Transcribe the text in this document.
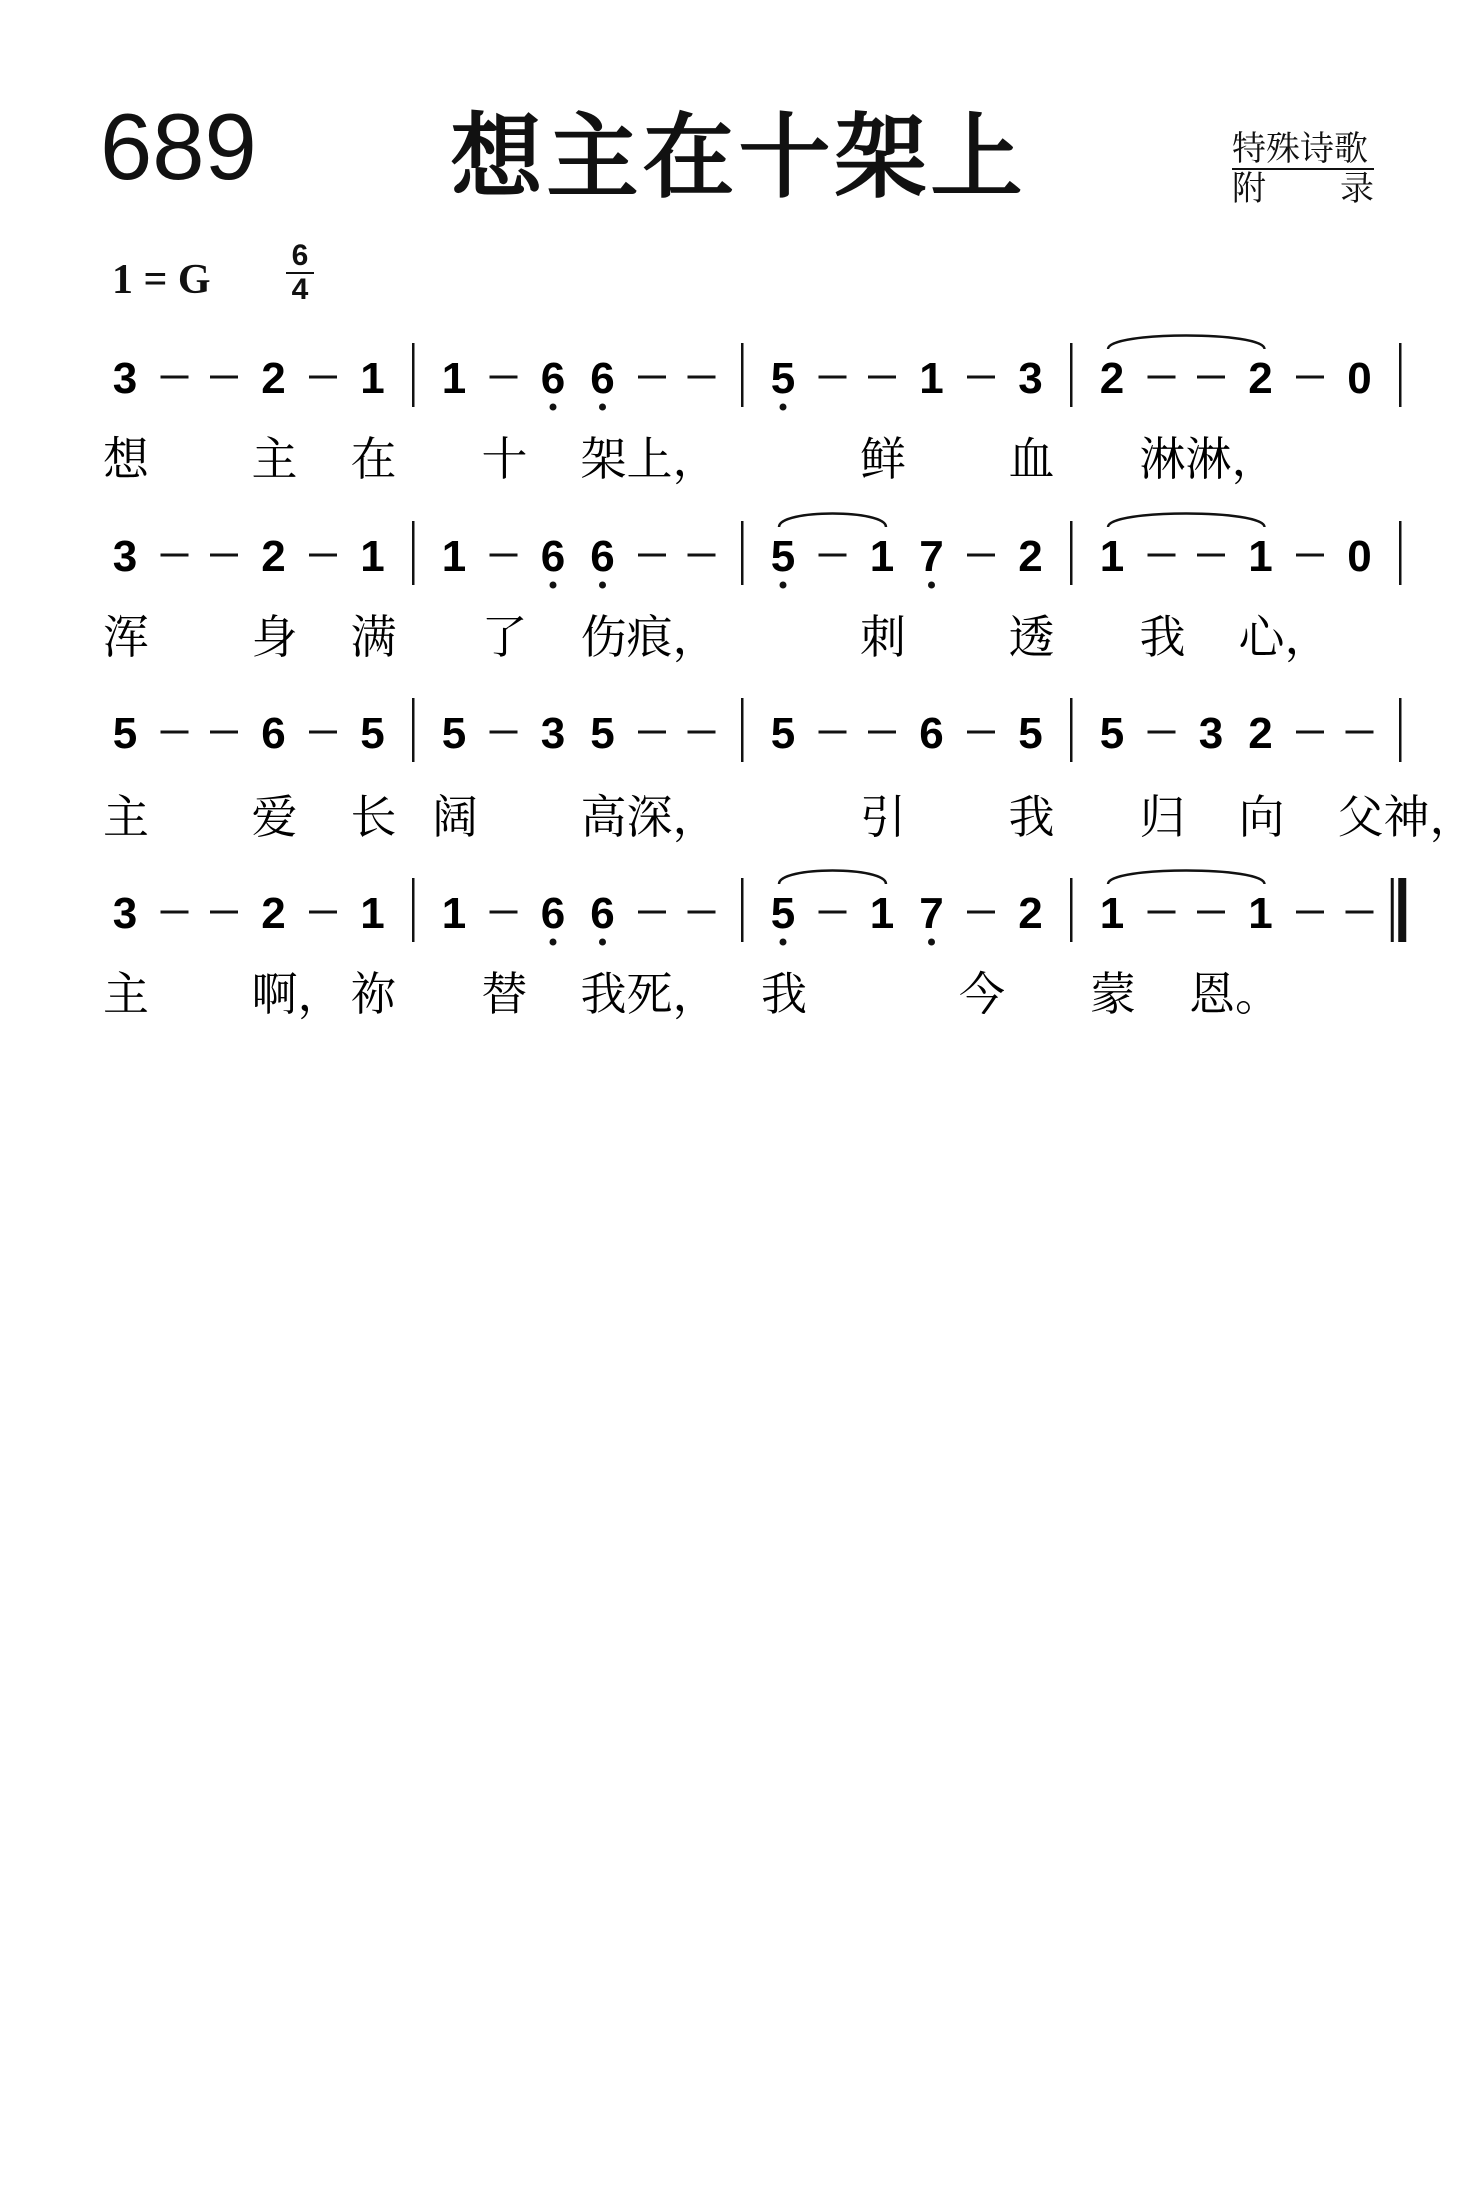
689	想主在十架上	特殊诗歌
附 录
1 = G
6
4
3	2 1 1 6 6	5	1 3 2	2 0
想 主 在 十 架上，	鲜 血 淋淋，
3	2 1 1 6 6	5 1 7 2 1	1 0
浑 身 满 了 伤痕，	刺 透 我 心，
5	6 5 5 3 5	5	6 5 5 3 2
主 爱 长 阔 高深，	引 我 归 向 父神，
3	2 1 1 6 6	5 1 7 2 1	1
主 啊， 祢 替 我死， 我	今 蒙 恩。
